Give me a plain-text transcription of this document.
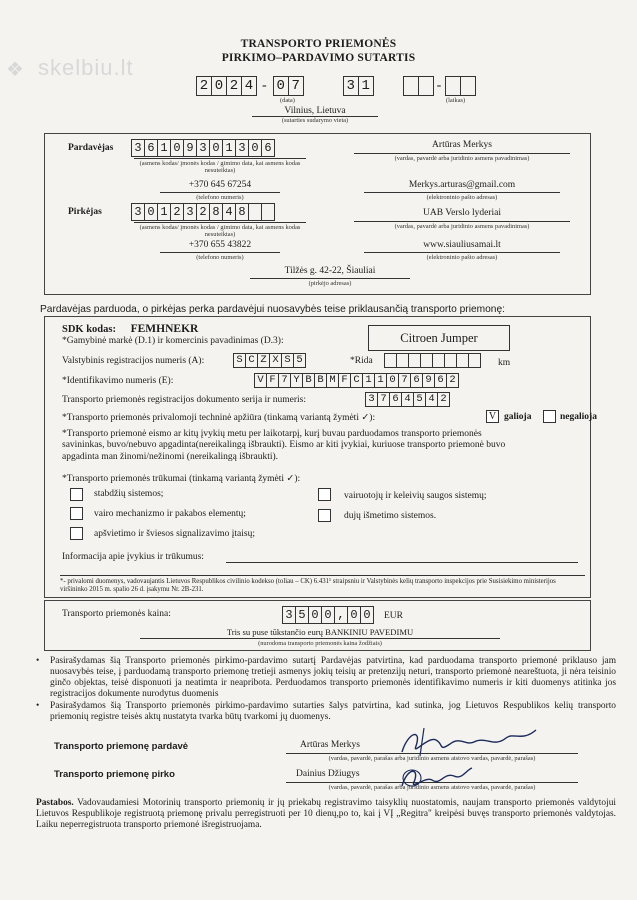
❖ skelbiu.lt
TRANSPORTO PRIEMONĖS
PIRKIMO–PARDAVIMO SUTARTIS
2 0 2 4 - 0 7	3 1	-
(data)	(laikas)
Vilnius, Lietuva
(sutarties sudarymo vieta)
Pardavėjas 3 6 1 0 9 3 0 1 3 0 6
(asmens kodas/ įmonės kodas / gimimo data, kai asmens kodas nesuteiktas)
Artūras Merkys
(vardas, pavardė arba juridinio asmens pavadinimas)
+370 645 67254
(telefono numeris)
Merkys.arturas@gmail.com
(elektroninio pašto adresas)
Pirkėjas	3 0 1 2 3 2 8 4 8
(asmens kodas/ įmonės kodas / gimimo data, kai asmens kodas nesuteiktas)
UAB Verslo lyderiai
(vardas, pavardė arba juridinio asmens pavadinimas)
+370 655 43822
(telefono numeris)
www.siauliusamai.lt
(elektroninio pašto adresas)
Tilžės g. 42-22, Šiauliai
(pirkėjo adresas)
Pardavėjas parduoda, o pirkėjas perka pardavėjui nuosavybės teise priklausančią transporto priemonę:
SDK kodas: FEMHNEKR
*Gamybinė markė (D.1) ir komercinis pavadinimas (D.3):	Citroen Jumper
Valstybinis registracijos numeris (A):	S C Z X S 5	*Rida	km
*Identifikavimo numeris (E):	V F 7 Y B B M F C 1 1 0 7 6 9 6 2
Transporto priemonės registracijos dokumento serija ir numeris:	3 7 6 4 5 4 2
*Transporto priemonės privalomoji techninė apžiūra (tinkamą variantą žymėti ✓):	V galioja	negalioja
*Transporto priemonė eismo ar kitų įvykių metu per laikotarpį, kurį buvau parduodamos transporto priemonės
savininkas, buvo/nebuvo apgadinta(nereikalingą išbraukti). Eismo ar kiti įvykiai, kuriuose transporto priemonė buvo
apgadinta man žinomi/nežinomi (nereikalingą išbraukti).
*Transporto priemonės trūkumai (tinkamą variantą žymėti ✓):
stabdžių sistemos;	vairuotojų ir keleivių saugos sistemų;
vairo mechanizmo ir pakabos elementų;	dujų išmetimo sistemos.
apšvietimo ir šviesos signalizavimo įtaisų;
Informacija apie įvykius ir trūkumus:
*- privalomi duomenys, vadovaujantis Lietuvos Respublikos civilinio kodekso (toliau – CK) 6.431¹ straipsniu ir Valstybinės kelių transporto inspekcijos prie Susisiekimo ministerijos viršininko 2015 m. spalio 26 d. įsakymu Nr. 2B-231.
Transporto priemonės kaina:	3 5 0 0 , 0 0	EUR
Tris su puse tūkstančio eurų BANKINIU PAVEDIMU
(nurodoma transporto priemonės kaina žodžiais)
•	Pasirašydamas šią Transporto priemonės pirkimo-pardavimo sutartį Pardavėjas patvirtina, kad parduodama transporto priemonė priklauso jam nuosavybės teise, į parduodamą transporto priemonę tretieji asmenys jokių teisių ar pretenzijų neturi, transporto priemonė neareštuota, ji nėra teisinio ginčo objektas, teisė disponuoti ja neatimta ir neapribota. Perduodamos transporto priemonės identifikavimo numeris ir kiti duomenys atitinka jos registracijos dokumente nurodytus duomenis
•	Pasirašydamos šią Transporto priemonės pirkimo-pardavimo sutarties šalys patvirtina, kad sutinka, jog Lietuvos Respublikos kelių transporto priemonių registre teisės aktų nustatyta tvarka būtų tvarkomi jų duomenys.
Transporto priemonę pardavė	Artūras Merkys
(vardas, pavardė, parašas arba juridinio asmens atstovo vardas, pavardė, parašas)
Transporto priemonę pirko	Dainius Džiugys
(vardas, pavardė, parašas arba juridinio asmens atstovo vardas, pavardė, parašas)
Pastabos. Vadovaudamiesi Motorinių transporto priemonių ir jų priekabų registravimo taisyklių nuostatomis, naujam transporto priemonės valdytojui Lietuvos Respublikoje registruotą priemonę privalu perregistruoti per 10 dienų,po to, kai į VĮ „Regitra" kreipėsi buvęs transporto priemonės valdytojas. Laiku neperregistruota transporto priemonė išregistruojama.
